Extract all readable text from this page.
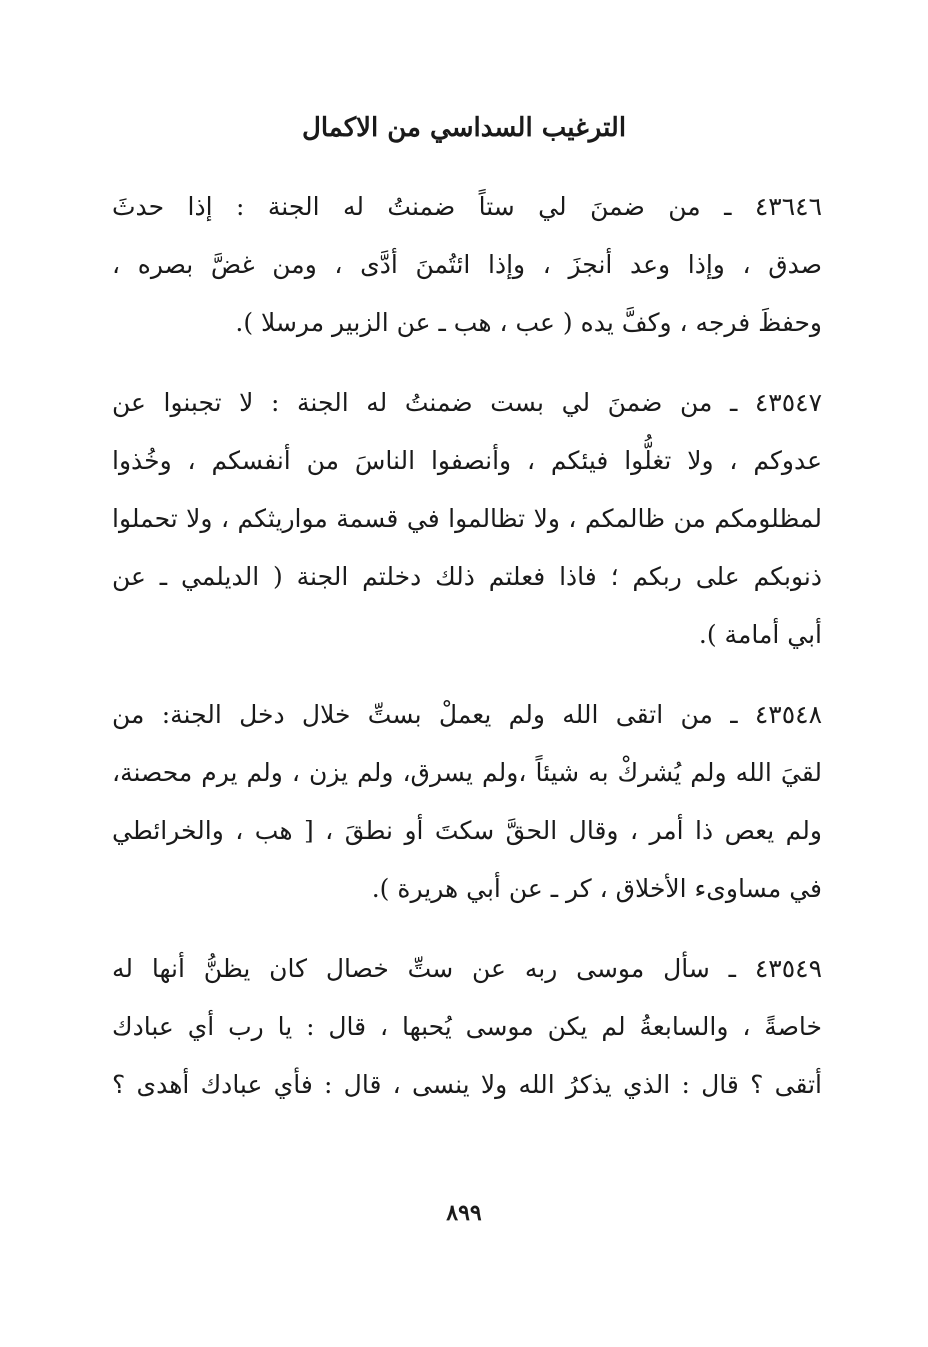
الترغيب السداسي من الاكمال

٤٣٦٤٦ ـ من ضمنَ لي ستاً ضمنتُ له الجنة : إذا حدثَ
صدق ، وإذا وعد أنجزَ ، وإذا ائتُمنَ أدَّى ، ومن غضَّ بصره ،
وحفظَ فرجه ، وكفَّ يده ( عب ، هب ـ عن الزبير مرسلا ).

٤٣٥٤٧ ـ من ضمنَ لي بست ضمنتُ له الجنة : لا تجبنوا عن
عدوكم ، ولا تغلُّوا فيئكم ، وأنصفوا الناسَ من أنفسكم ، وخُذوا
لمظلومكم من ظالمكم ، ولا تظالموا في قسمة مواريثكم ، ولا تحملوا
ذنوبكم على ربكم ؛ فاذا فعلتم ذلك دخلتم الجنة ( الديلمي ـ عن
أبي أمامة ).

٤٣٥٤٨ ـ من اتقى الله ولم يعملْ بستِّ خلال دخل الجنة: من
لقيَ الله ولم يُشركْ به شيئاً ،ولم يسرق، ولم يزن ، ولم يرم محصنة،
ولم يعص ذا أمر ، وقال الحقَّ سكتَ أو نطقَ ، [ هب ، والخرائطي
في مساوىء الأخلاق ، كر ـ عن أبي هريرة ).

٤٣٥٤٩ ـ سأل موسى ربه عن ستِّ خصال كان يظنُّ أنها له
خاصةً ، والسابعةُ لم يكن موسى يُحبها ، قال : يا رب أي عبادك
أتقى ؟ قال : الذي يذكرُ الله ولا ينسى ، قال : فأي عبادك أهدى ؟

٨٩٩
